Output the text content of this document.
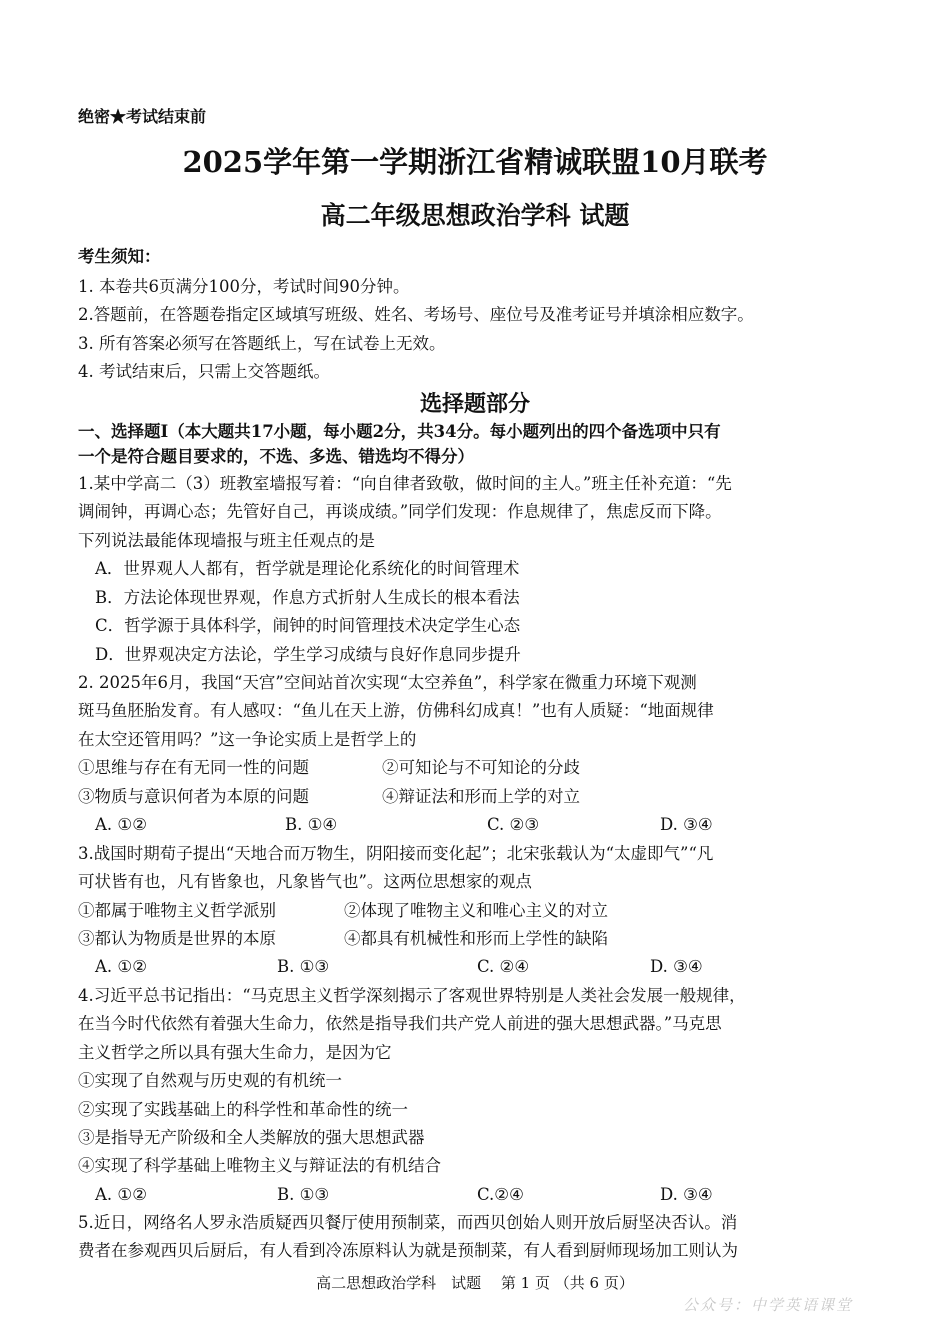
绝密★考试结束前
2025学年第一学期浙江省精诚联盟10月联考
高二年级思想政治学科 试题
考生须知：
1. 本卷共6页满分100分，考试时间90分钟。
2.答题前，在答题卷指定区域填写班级、姓名、考场号、座位号及准考证号并填涂相应数字。
3. 所有答案必须写在答题纸上，写在试卷上无效。
4. 考试结束后，只需上交答题纸。
选择题部分
一、选择题Ⅰ（本大题共17小题，每小题2分，共34分。每小题列出的四个备选项中只有
一个是符合题目要求的，不选、多选、错选均不得分）
1.某中学高二（3）班教室墙报写着：“向自律者致敬，做时间的主人。”班主任补充道：“先
调闹钟，再调心态；先管好自己，再谈成绩。”同学们发现：作息规律了，焦虑反而下降。
下列说法最能体现墙报与班主任观点的是
A．世界观人人都有，哲学就是理论化系统化的时间管理术
B．方法论体现世界观，作息方式折射人生成长的根本看法
C．哲学源于具体科学，闹钟的时间管理技术决定学生心态
D．世界观决定方法论，学生学习成绩与良好作息同步提升
2. 2025年6月，我国“天宫”空间站首次实现“太空养鱼”，科学家在微重力环境下观测
斑马鱼胚胎发育。有人感叹：“鱼儿在天上游，仿佛科幻成真！”也有人质疑：“地面规律
在太空还管用吗？”这一争论实质上是哲学上的
①思维与存在有无同一性的问题	②可知论与不可知论的分歧
③物质与意识何者为本原的问题	④辩证法和形而上学的对立
A. ①②	B. ①④	C. ②③	D. ③④
3.战国时期荀子提出“天地合而万物生，阴阳接而变化起”；北宋张载认为“太虚即气”“凡
可状皆有也，凡有皆象也，凡象皆气也”。这两位思想家的观点
①都属于唯物主义哲学派别	②体现了唯物主义和唯心主义的对立
③都认为物质是世界的本原	④都具有机械性和形而上学性的缺陷
A. ①②	B. ①③	C. ②④	D. ③④
4.习近平总书记指出：“马克思主义哲学深刻揭示了客观世界特别是人类社会发展一般规律，
在当今时代依然有着强大生命力，依然是指导我们共产党人前进的强大思想武器。”马克思
主义哲学之所以具有强大生命力，是因为它
①实现了自然观与历史观的有机统一
②实现了实践基础上的科学性和革命性的统一
③是指导无产阶级和全人类解放的强大思想武器
④实现了科学基础上唯物主义与辩证法的有机结合
A. ①②	B. ①③	C.②④	D. ③④
5.近日，网络名人罗永浩质疑西贝餐厅使用预制菜，而西贝创始人则开放后厨坚决否认。消
费者在参观西贝后厨后，有人看到冷冻原料认为就是预制菜，有人看到厨师现场加工则认为
高二思想政治学科　试题　 第 1 页 （共 6 页）
公众号：中学英语课堂
